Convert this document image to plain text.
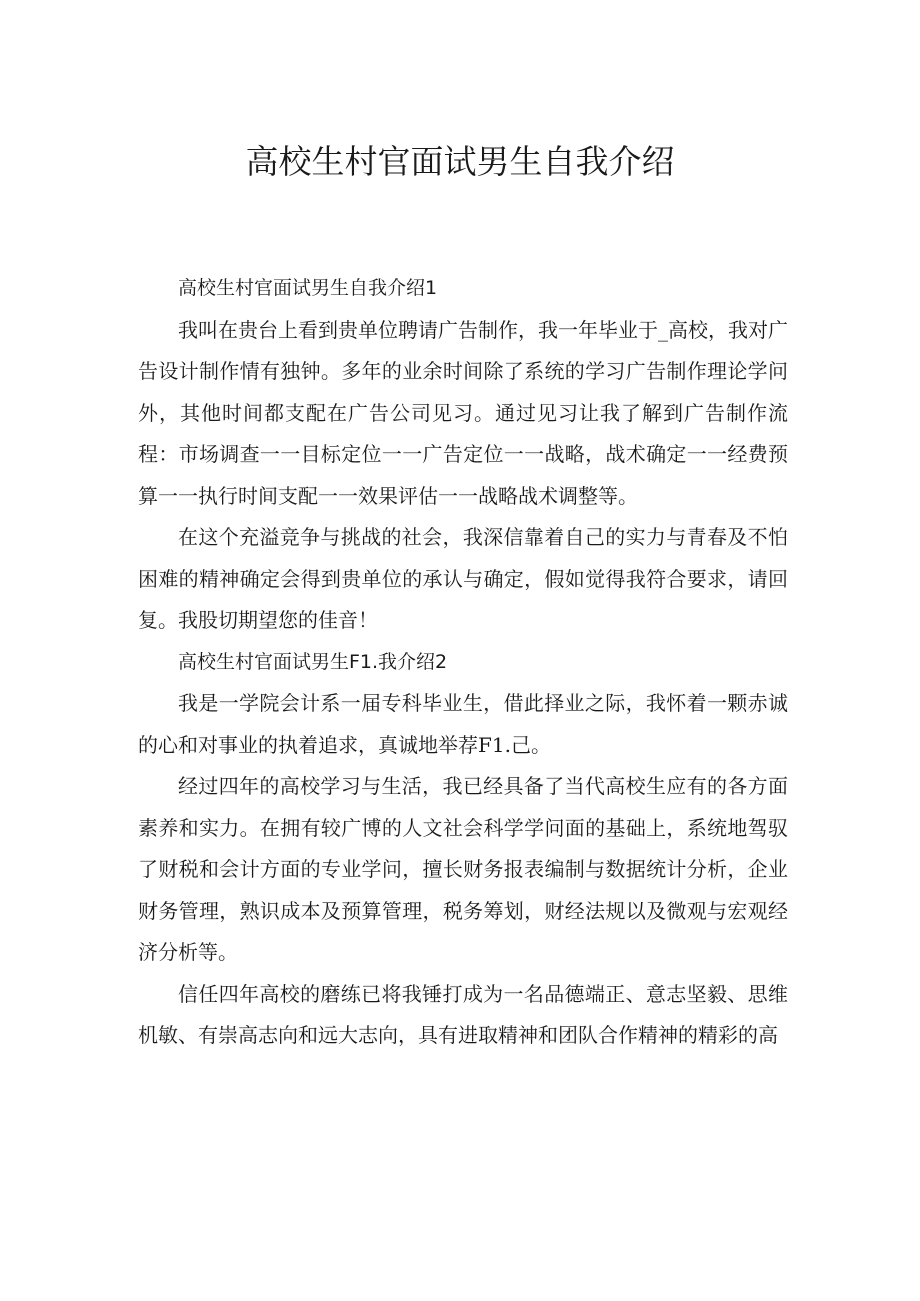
高校生村官面试男生自我介绍

高校生村官面试男生自我介绍1

我叫在贵台上看到贵单位聘请广告制作，我一年毕业于_高校，我对广告设计制作情有独钟。多年的业余时间除了系统的学习广告制作理论学问外，其他时间都支配在广告公司见习。通过见习让我了解到广告制作流程：市场调查一一目标定位一一广告定位一一战略，战术确定一一经费预算一一执行时间支配一一效果评估一一战略战术调整等。

在这个充溢竞争与挑战的社会，我深信靠着自己的实力与青春及不怕困难的精神确定会得到贵单位的承认与确定，假如觉得我符合要求，请回复。我股切期望您的佳音！

高校生村官面试男生F1.我介绍2

我是一学院会计系一届专科毕业生，借此择业之际，我怀着一颗赤诚的心和对事业的执着追求，真诚地举荐F1.己。

经过四年的高校学习与生活，我已经具备了当代高校生应有的各方面素养和实力。在拥有较广博的人文社会科学学问面的基础上，系统地驾驭了财税和会计方面的专业学问，擅长财务报表编制与数据统计分析，企业财务管理，熟识成本及预算管理，税务筹划，财经法规以及微观与宏观经济分析等。

信任四年高校的磨练已将我锤打成为一名品德端正、意志坚毅、思维机敏、有崇高志向和远大志向，具有进取精神和团队合作精神的精彩的高
